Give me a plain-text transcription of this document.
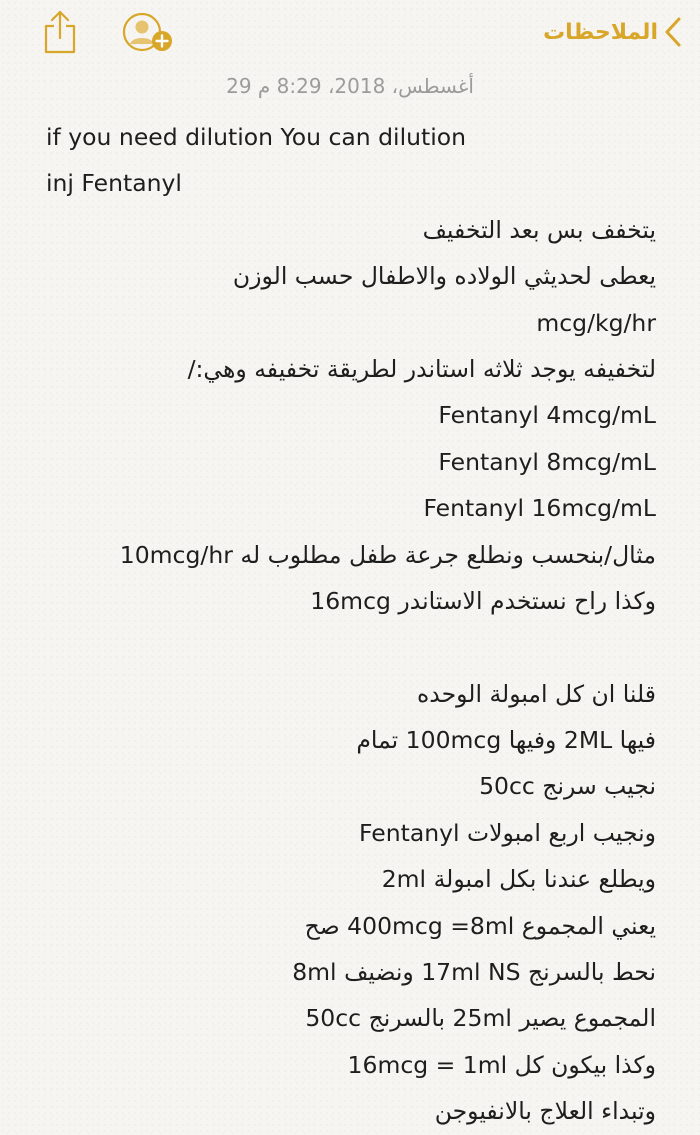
الملاحظات
29 أغسطس، 2018، 8:29 م
if you need dilution You can dilution
inj Fentanyl
يتخفف بس بعد التخفيف
يعطى لحديثي الولاده والاطفال حسب الوزن
mcg/kg/hr
لتخفيفه يوجد ثلاثه استاندر لطريقة تخفيفه وهي:/
Fentanyl 4mcg/mL
Fentanyl 8mcg/mL
Fentanyl 16mcg/mL
مثال/بنحسب ونطلع جرعة طفل مطلوب له 10mcg/hr
وكذا راح نستخدم الاستاندر 16mcg
قلنا ان كل امبولة الوحده
فيها 2ML وفيها 100mcg تمام
نجيب سرنج 50cc
ونجيب اربع امبولات Fentanyl
ويطلع عندنا بكل امبولة 2ml
يعني المجموع 400mcg =8ml صح
نحط بالسرنج 17ml NS ونضيف 8ml
المجموع يصير 25ml بالسرنج 50cc
وكذا بيكون كل 16mcg = 1ml
وتبداء العلاج بالانفيوجن
